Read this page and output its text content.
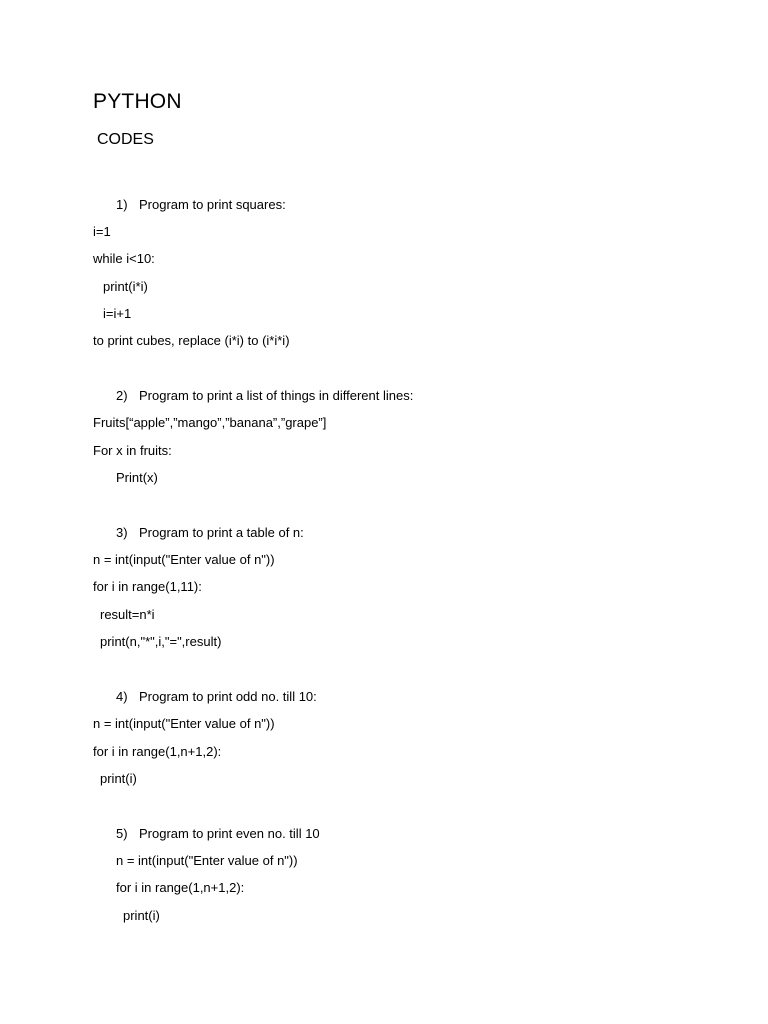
PYTHON
CODES
1) Program to print squares:
i=1
while i<10:
print(i*i)
i=i+1
to print cubes, replace (i*i) to (i*i*i)
2) Program to print a list of things in different lines:
Fruits[“apple”,”mango”,”banana”,”grape”]
For x in fruits:
Print(x)
3) Program to print a table of n:
n = int(input("Enter value of n"))
for i in range(1,11):
result=n*i
print(n,"*",i,"=",result)
4) Program to print odd no. till 10:
n = int(input("Enter value of n"))
for i in range(1,n+1,2):
print(i)
5) Program to print even no. till 10
n = int(input("Enter value of n"))
for i in range(1,n+1,2):
print(i)
